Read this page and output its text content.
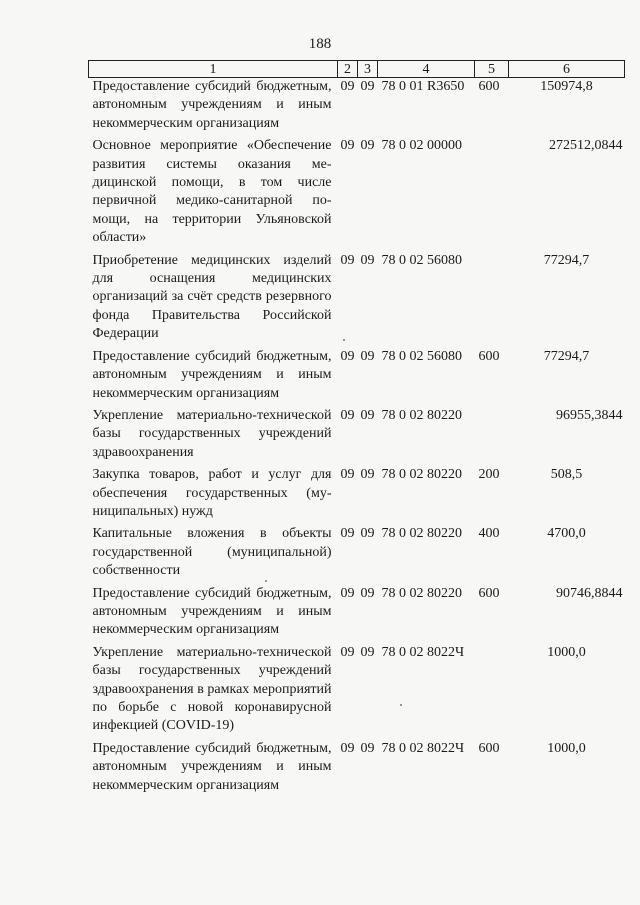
188
1	2	3	4	5	6
Предоставление субсидий бюджетным, автономным учреждениям и иным некоммерческим организациям	09	09	78 0 01 R3650	600	150974,8

Основное мероприятие «Обеспечение развития системы оказания медицинской помощи, в том числе первичной медико-санитарной помощи, на территории Ульяновской области»	09	09	78 0 02 00000		272512,0844

Приобретение медицинских изделий для оснащения медицинских организаций за счёт средств резервного фонда Правительства Российской Федерации	09	09	78 0 02 56080		77294,7

Предоставление субсидий бюджетным, автономным учреждениям и иным некоммерческим организациям	09	09	78 0 02 56080	600	77294,7

Укрепление материально-технической базы государственных учреждений здравоохранения	09	09	78 0 02 80220		96955,3844

Закупка товаров, работ и услуг для обеспечения государственных (муниципальных) нужд	09	09	78 0 02 80220	200	508,5

Капитальные вложения в объекты государственной (муниципальной) собственности	09	09	78 0 02 80220	400	4700,0

Предоставление субсидий бюджетным, автономным учреждениям и иным некоммерческим организациям	09	09	78 0 02 80220	600	90746,8844

Укрепление материально-технической базы государственных учреждений здравоохранения в рамках мероприятий по борьбе с новой коронавирусной инфекцией (COVID-19)	09	09	78 0 02 8022Ч		1000,0

Предоставление субсидий бюджетным, автономным учреждениям и иным некоммерческим организациям	09	09	78 0 02 8022Ч	600	1000,0
